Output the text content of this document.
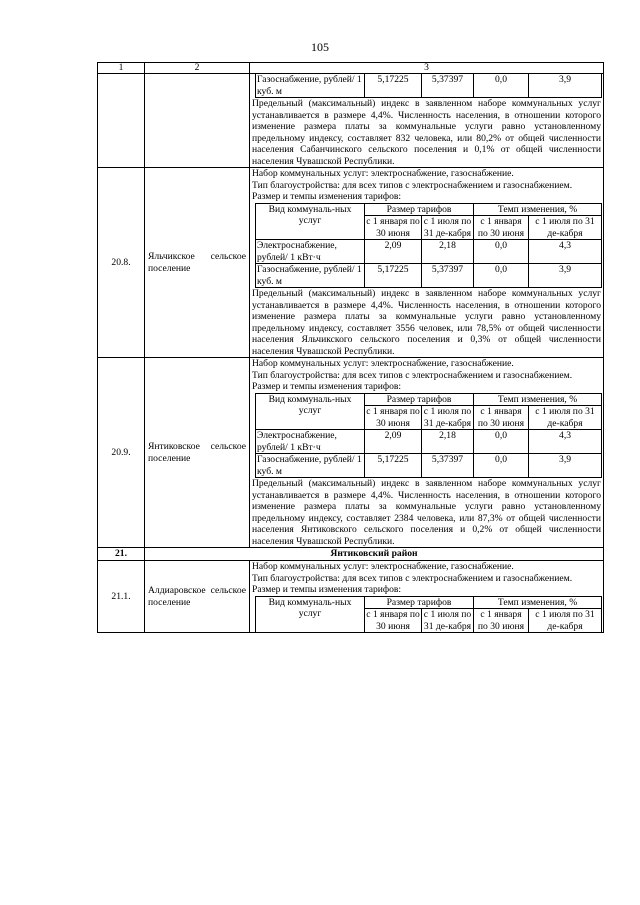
105
1	2	3

Газоснабжение, рублей/ 1 куб. м	5,17225	5,37397	0,0	3,9

Предельный (максимальный) индекс в заявленном наборе коммунальных услуг устанавливается в размере 4,4%. Численность населения, в отношении которого изменение размера платы за коммунальные услуги равно установленному предельному индексу, составляет 832 человека, или 80,2% от общей численности населения Сабанчинского сельского поселения и 0,1% от общей численности населения Чувашской Республики.

20.8.	Яльчикское сельское поселение	

Набор коммунальных услуг: электроснабжение, газоснабжение.

Тип благоустройства: для всех типов с электроснабжением и газоснабжением.

Размер и темпы изменения тарифов:

Вид коммуналь-ных услуг	Размер тарифов	Темп изменения, %
с 1 января по 30 июня	с 1 июля по 31 де-кабря	с 1 января по 30 июня	с 1 июля по 31 де-кабря
Электроснабжение, рублей/ 1 кВт·ч	2,09	2,18	0,0	4,3
Газоснабжение, рублей/ 1 куб. м	5,17225	5,37397	0,0	3,9

Предельный (максимальный) индекс в заявленном наборе коммунальных услуг устанавливается в размере 4,4%. Численность населения, в отношении которого изменение размера платы за коммунальные услуги равно установленному предельному индексу, составляет 3556 человек, или 78,5% от общей численности населения Яльчикского сельского поселения и 0,3% от общей численности населения Чувашской Республики.

20.9.	Янтиковское сельское поселение	

Набор коммунальных услуг: электроснабжение, газоснабжение.

Тип благоустройства: для всех типов с электроснабжением и газоснабжением.

Размер и темпы изменения тарифов:

Вид коммуналь-ных услуг	Размер тарифов	Темп изменения, %
с 1 января по 30 июня	с 1 июля по 31 де-кабря	с 1 января по 30 июня	с 1 июля по 31 де-кабря
Электроснабжение, рублей/ 1 кВт·ч	2,09	2,18	0,0	4,3
Газоснабжение, рублей/ 1 куб. м	5,17225	5,37397	0,0	3,9

Предельный (максимальный) индекс в заявленном наборе коммунальных услуг устанавливается в размере 4,4%. Численность населения, в отношении которого изменение размера платы за коммунальные услуги равно установленному предельному индексу, составляет 2384 человека, или 87,3% от общей численности населения Янтиковского сельского поселения и 0,2% от общей численности населения Чувашской Республики.

21.	Янтиковский район
21.1.	Алдиаровское сельское поселение	

Набор коммунальных услуг: электроснабжение, газоснабжение.

Тип благоустройства: для всех типов с электроснабжением и газоснабжением.

Размер и темпы изменения тарифов:

Вид коммуналь-ных услуг	Размер тарифов	Темп изменения, %
с 1 января по 30 июня	с 1 июля по 31 де-кабря	с 1 января по 30 июня	с 1 июля по 31 де-кабря
